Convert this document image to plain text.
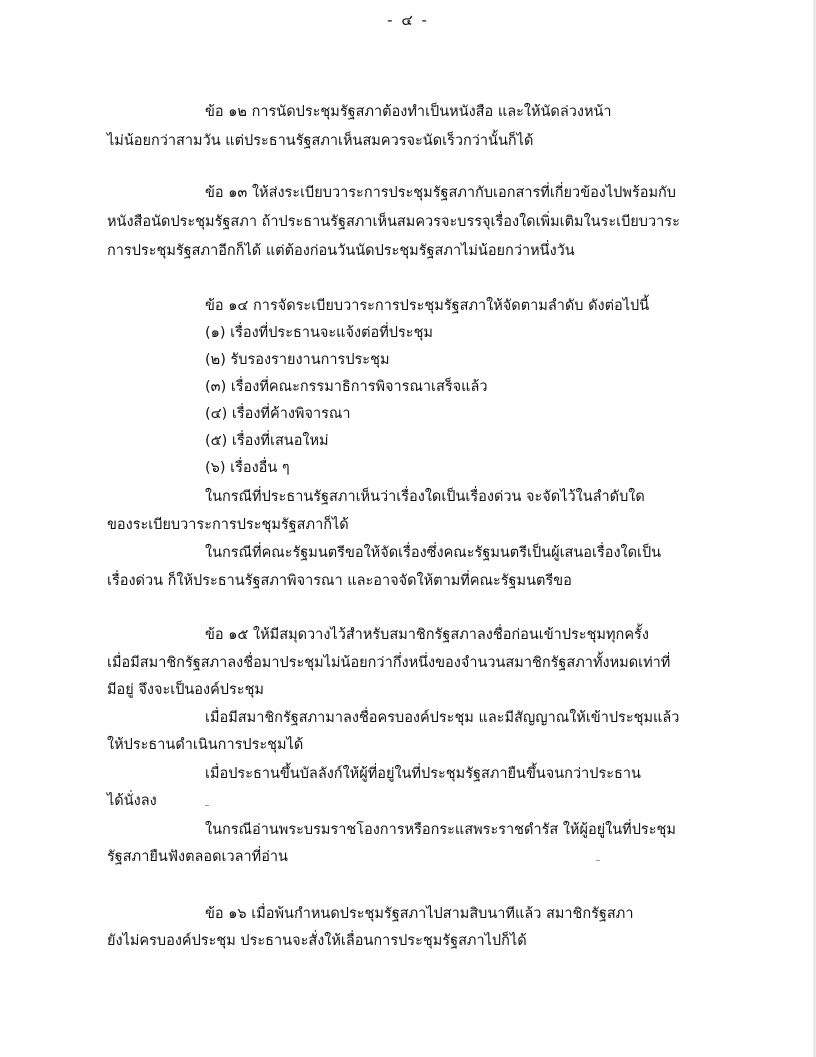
- ๔ -
ข้อ ๑๒ การนัดประชุมรัฐสภาต้องทำเป็นหนังสือ และให้นัดล่วงหน้า
ไม่น้อยกว่าสามวัน แต่ประธานรัฐสภาเห็นสมควรจะนัดเร็วกว่านั้นก็ได้
ข้อ ๑๓ ให้ส่งระเบียบวาระการประชุมรัฐสภากับเอกสารที่เกี่ยวข้องไปพร้อมกับ
หนังสือนัดประชุมรัฐสภา ถ้าประธานรัฐสภาเห็นสมควรจะบรรจุเรื่องใดเพิ่มเติมในระเบียบวาระ
การประชุมรัฐสภาอีกก็ได้ แต่ต้องก่อนวันนัดประชุมรัฐสภาไม่น้อยกว่าหนึ่งวัน
ข้อ ๑๔ การจัดระเบียบวาระการประชุมรัฐสภาให้จัดตามลำดับ ดังต่อไปนี้
(๑) เรื่องที่ประธานจะแจ้งต่อที่ประชุม
(๒) รับรองรายงานการประชุม
(๓) เรื่องที่คณะกรรมาธิการพิจารณาเสร็จแล้ว
(๔) เรื่องที่ค้างพิจารณา
(๕) เรื่องที่เสนอใหม่
(๖) เรื่องอื่น ๆ
ในกรณีที่ประธานรัฐสภาเห็นว่าเรื่องใดเป็นเรื่องด่วน จะจัดไว้ในลำดับใด
ของระเบียบวาระการประชุมรัฐสภาก็ได้
ในกรณีที่คณะรัฐมนตรีขอให้จัดเรื่องซึ่งคณะรัฐมนตรีเป็นผู้เสนอเรื่องใดเป็น
เรื่องด่วน ก็ให้ประธานรัฐสภาพิจารณา และอาจจัดให้ตามที่คณะรัฐมนตรีขอ
ข้อ ๑๕ ให้มีสมุดวางไว้สำหรับสมาชิกรัฐสภาลงชื่อก่อนเข้าประชุมทุกครั้ง
เมื่อมีสมาชิกรัฐสภาลงชื่อมาประชุมไม่น้อยกว่ากึ่งหนึ่งของจำนวนสมาชิกรัฐสภาทั้งหมดเท่าที่
มีอยู่ จึงจะเป็นองค์ประชุม
เมื่อมีสมาชิกรัฐสภามาลงชื่อครบองค์ประชุม และมีสัญญาณให้เข้าประชุมแล้ว
ให้ประธานดำเนินการประชุมได้
เมื่อประธานขึ้นบัลลังก์ให้ผู้ที่อยู่ในที่ประชุมรัฐสภายืนขึ้นจนกว่าประธาน
ได้นั่งลง
ในกรณีอ่านพระบรมราชโองการหรือกระแสพระราชดำรัส ให้ผู้อยู่ในที่ประชุม
รัฐสภายืนฟังตลอดเวลาที่อ่าน
ข้อ ๑๖ เมื่อพ้นกำหนดประชุมรัฐสภาไปสามสิบนาทีแล้ว สมาชิกรัฐสภา
ยังไม่ครบองค์ประชุม ประธานจะสั่งให้เลื่อนการประชุมรัฐสภาไปก็ได้
